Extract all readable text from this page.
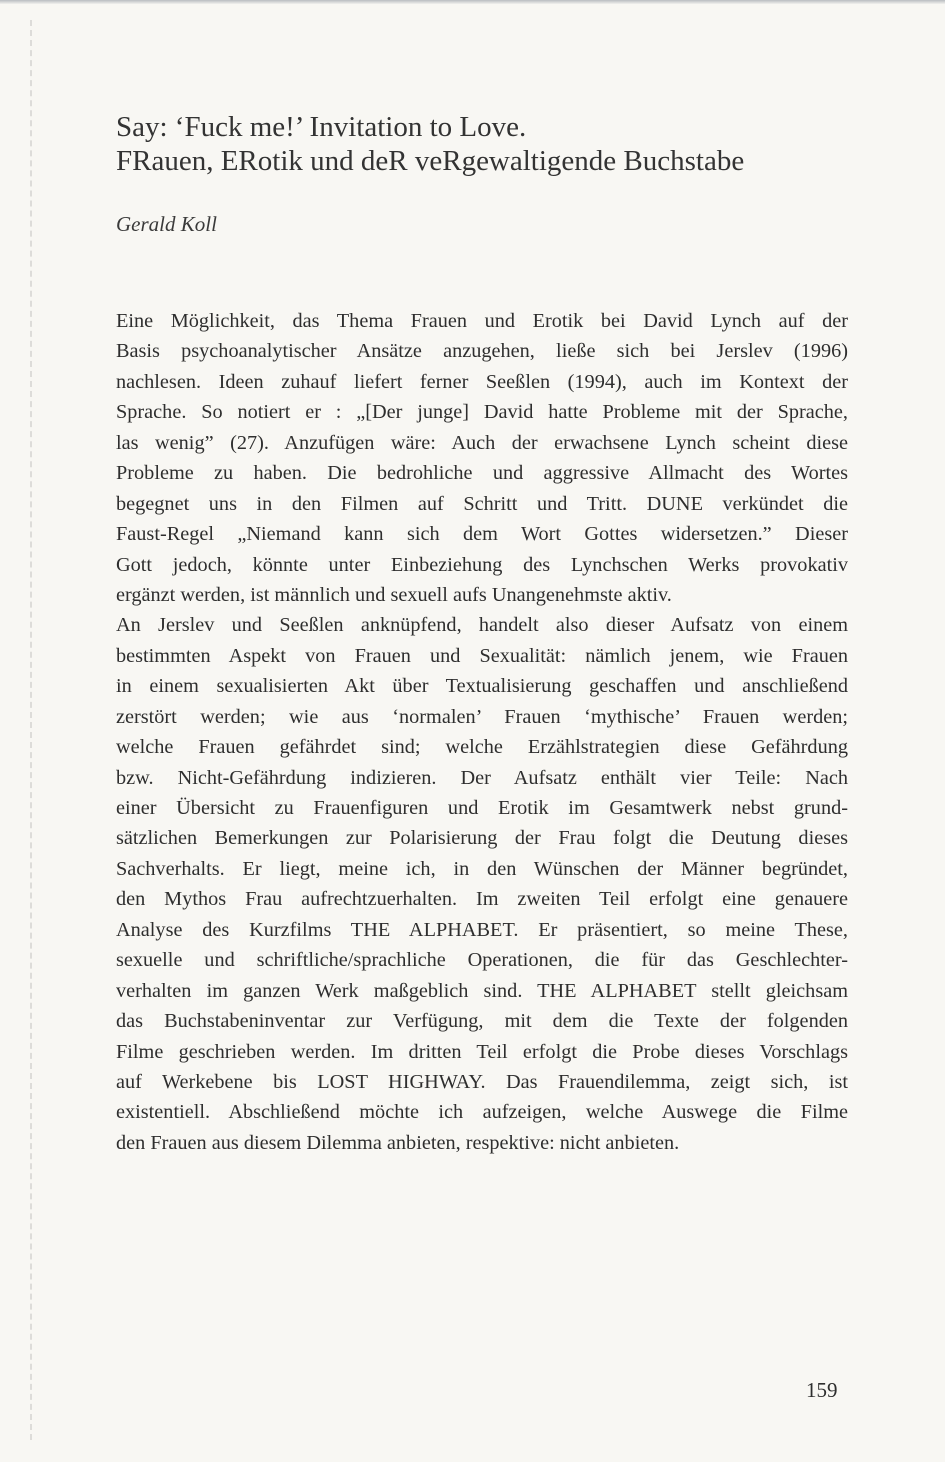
Say: ‘Fuck me!’ Invitation to Love.
FRauen, ERotik und deR veRgewaltigende Buchstabe
Gerald Koll
Eine Möglichkeit, das Thema Frauen und Erotik bei David Lynch auf der
Basis psychoanalytischer Ansätze anzugehen, ließe sich bei Jerslev (1996)
nachlesen. Ideen zuhauf liefert ferner Seeßlen (1994), auch im Kontext der
Sprache. So notiert er : „[Der junge] David hatte Probleme mit der Sprache,
las wenig” (27). Anzufügen wäre: Auch der erwachsene Lynch scheint diese
Probleme zu haben. Die bedrohliche und aggressive Allmacht des Wortes
begegnet uns in den Filmen auf Schritt und Tritt. DUNE verkündet die
Faust-Regel „Niemand kann sich dem Wort Gottes widersetzen.” Dieser
Gott jedoch, könnte unter Einbeziehung des Lynchschen Werks provokativ
ergänzt werden, ist männlich und sexuell aufs Unangenehmste aktiv.
An Jerslev und Seeßlen anknüpfend, handelt also dieser Aufsatz von einem
bestimmten Aspekt von Frauen und Sexualität: nämlich jenem, wie Frauen
in einem sexualisierten Akt über Textualisierung geschaffen und anschließend
zerstört werden; wie aus ‘normalen’ Frauen ‘mythische’ Frauen werden;
welche Frauen gefährdet sind; welche Erzählstrategien diese Gefährdung
bzw. Nicht-Gefährdung indizieren. Der Aufsatz enthält vier Teile: Nach
einer Übersicht zu Frauenfiguren und Erotik im Gesamtwerk nebst grund-
sätzlichen Bemerkungen zur Polarisierung der Frau folgt die Deutung dieses
Sachverhalts. Er liegt, meine ich, in den Wünschen der Männer begründet,
den Mythos Frau aufrechtzuerhalten. Im zweiten Teil erfolgt eine genauere
Analyse des Kurzfilms THE ALPHABET. Er präsentiert, so meine These,
sexuelle und schriftliche/sprachliche Operationen, die für das Geschlechter-
verhalten im ganzen Werk maßgeblich sind. THE ALPHABET stellt gleichsam
das Buchstabeninventar zur Verfügung, mit dem die Texte der folgenden
Filme geschrieben werden. Im dritten Teil erfolgt die Probe dieses Vorschlags
auf Werkebene bis LOST HIGHWAY. Das Frauendilemma, zeigt sich, ist
existentiell. Abschließend möchte ich aufzeigen, welche Auswege die Filme
den Frauen aus diesem Dilemma anbieten, respektive: nicht anbieten.
159
